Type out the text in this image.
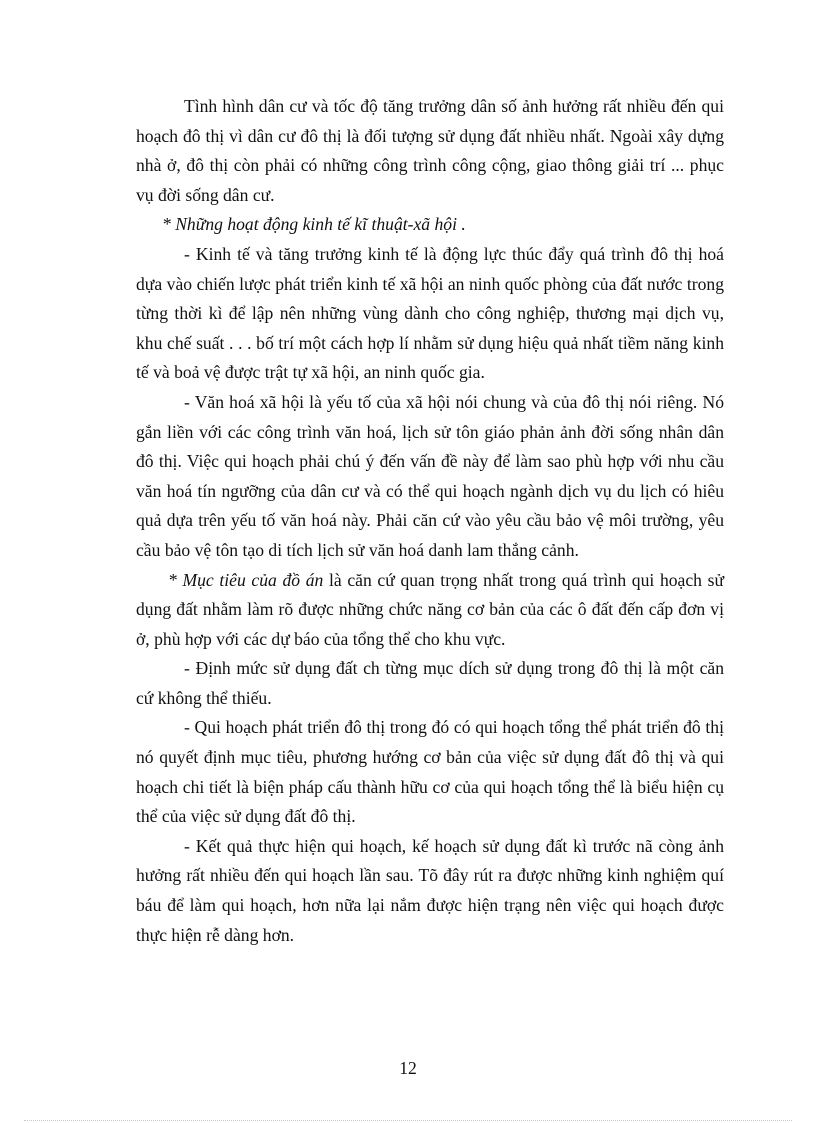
Tình hình dân cư và tốc độ tăng trưởng dân số ảnh hưởng rất nhiều đến qui hoạch đô thị vì dân cư đô thị là đối tượng sử dụng đất nhiều nhất. Ngoài xây dựng nhà ở, đô thị còn phải có những công trình công cộng, giao thông giải trí ... phục vụ đời sống dân cư.

* Những hoạt động kinh tế kĩ thuật-xã hội .

- Kinh tế và tăng trưởng kinh tế là động lực thúc đẩy quá trình đô thị hoá dựa vào chiến lược phát triển kinh tế xã hội an ninh quốc phòng của đất nước trong từng thời kì để lập nên những vùng dành cho công nghiệp, thương mại dịch vụ, khu chế suất . . . bố trí một cách hợp lí nhằm sử dụng hiệu quả nhất tiềm năng kinh tế và boả vệ được trật tự xã hội, an ninh quốc gia.

- Văn hoá xã hội là yếu tố của xã hội nói chung và của đô thị nói riêng. Nó gắn liền với các công trình văn hoá, lịch sử tôn giáo phản ảnh đời sống nhân dân đô thị. Việc qui hoạch phải chú ý đến vấn đề này để làm sao phù hợp với nhu cầu văn hoá tín ngưỡng của dân cư và có thể qui hoạch ngành dịch vụ du lịch có hiêu quả dựa trên yếu tố văn hoá này. Phải căn cứ vào yêu cầu bảo vệ môi trường, yêu cầu bảo vệ tôn tạo di tích lịch sử văn hoá danh lam thắng cảnh.

* Mục tiêu của đồ án là căn cứ quan trọng nhất trong quá trình qui hoạch sử dụng đất nhằm làm rõ được những chức năng cơ bản của các ô đất đến cấp đơn vị ở, phù hợp với các dự báo của tổng thể cho khu vực.

- Định mức sử dụng đất ch từng mục dích sử dụng trong đô thị là một căn cứ không thể thiếu.

- Qui hoạch phát triển đô thị trong đó có qui hoạch tổng thể phát triển đô thị nó quyết định mục tiêu, phương hướng cơ bản của việc sử dụng đất đô thị và qui hoạch chi tiết là biện pháp cấu thành hữu cơ của qui hoạch tổng thể là biểu hiện cụ thể của việc sử dụng đất đô thị.

- Kết quả thực hiện qui hoạch, kế hoạch sử dụng đất kì trước nã còng ảnh hưởng rất nhiều đến qui hoạch lần sau. Tõ đây rút ra được những kinh nghiệm quí báu để làm qui hoạch, hơn nữa lại nắm được hiện trạng nên việc qui hoạch được thực hiện rễ dàng hơn.

12
